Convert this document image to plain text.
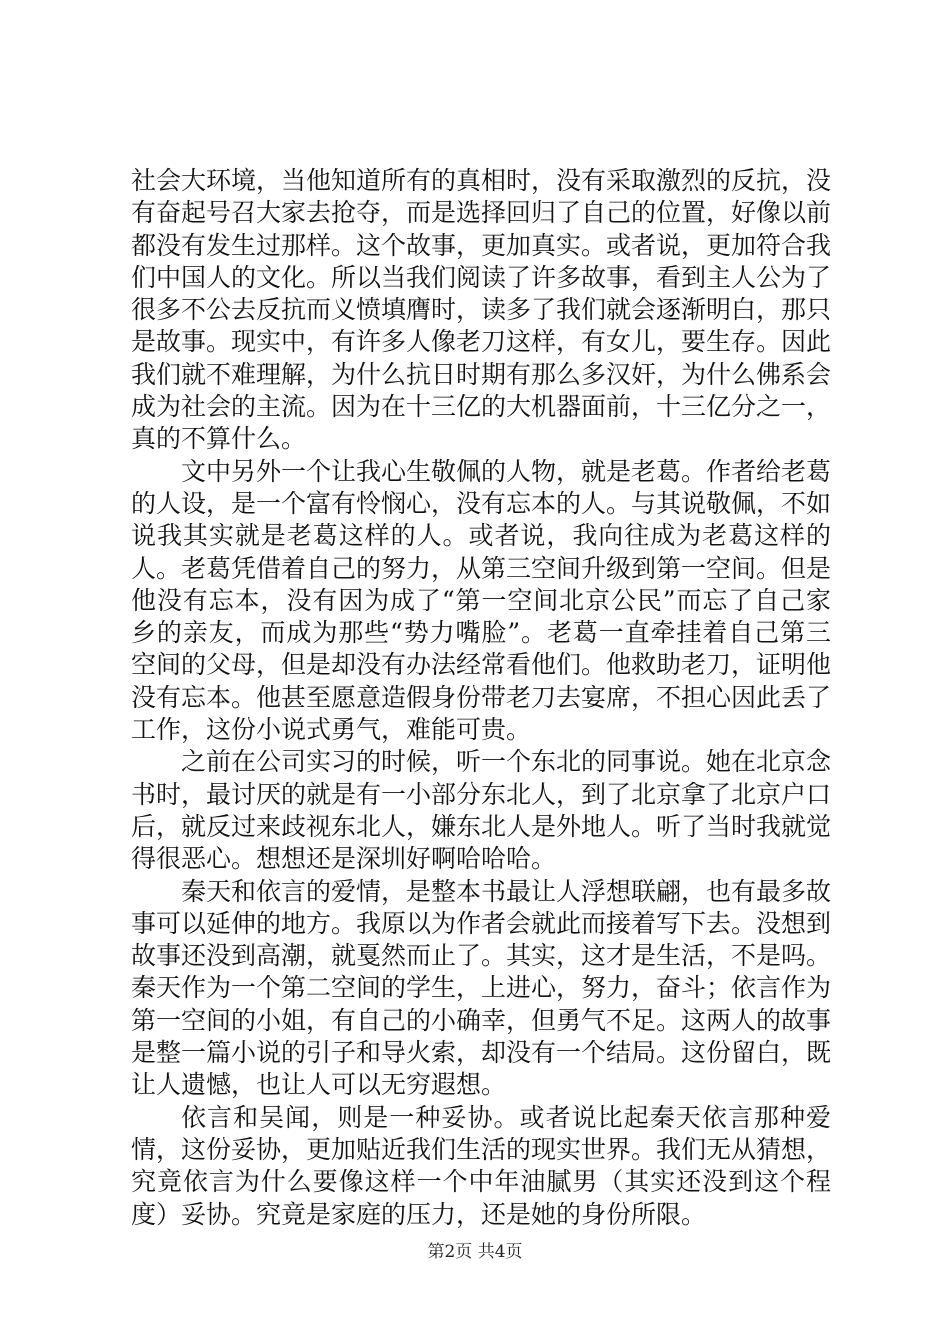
社会大环境，当他知道所有的真相时，没有采取激烈的反抗，没有奋起号召大家去抢夺，而是选择回归了自己的位置，好像以前都没有发生过那样。这个故事，更加真实。或者说，更加符合我们中国人的文化。所以当我们阅读了许多故事，看到主人公为了很多不公去反抗而义愤填膺时，读多了我们就会逐渐明白，那只是故事。现实中，有许多人像老刀这样，有女儿，要生存。因此我们就不难理解，为什么抗日时期有那么多汉奸，为什么佛系会成为社会的主流。因为在十三亿的大机器面前，十三亿分之一，真的不算什么。

文中另外一个让我心生敬佩的人物，就是老葛。作者给老葛的人设，是一个富有怜悯心，没有忘本的人。与其说敬佩，不如说我其实就是老葛这样的人。或者说，我向往成为老葛这样的人。老葛凭借着自己的努力，从第三空间升级到第一空间。但是他没有忘本，没有因为成了“第一空间北京公民”而忘了自己家乡的亲友，而成为那些“势力嘴脸”。老葛一直牵挂着自己第三空间的父母，但是却没有办法经常看他们。他救助老刀，证明他没有忘本。他甚至愿意造假身份带老刀去宴席，不担心因此丢了工作，这份小说式勇气，难能可贵。

之前在公司实习的时候，听一个东北的同事说。她在北京念书时，最讨厌的就是有一小部分东北人，到了北京拿了北京户口后，就反过来歧视东北人，嫌东北人是外地人。听了当时我就觉得很恶心。想想还是深圳好啊哈哈哈。

秦天和依言的爱情，是整本书最让人浮想联翩，也有最多故事可以延伸的地方。我原以为作者会就此而接着写下去。没想到故事还没到高潮，就戛然而止了。其实，这才是生活，不是吗。秦天作为一个第二空间的学生，上进心，努力，奋斗；依言作为第一空间的小姐，有自己的小确幸，但勇气不足。这两人的故事是整一篇小说的引子和导火索，却没有一个结局。这份留白，既让人遗憾，也让人可以无穷遐想。

依言和吴闻，则是一种妥协。或者说比起秦天依言那种爱情，这份妥协，更加贴近我们生活的现实世界。我们无从猜想，究竟依言为什么要像这样一个中年油腻男（其实还没到这个程度）妥协。究竟是家庭的压力，还是她的身份所限。

第2页 共4页
